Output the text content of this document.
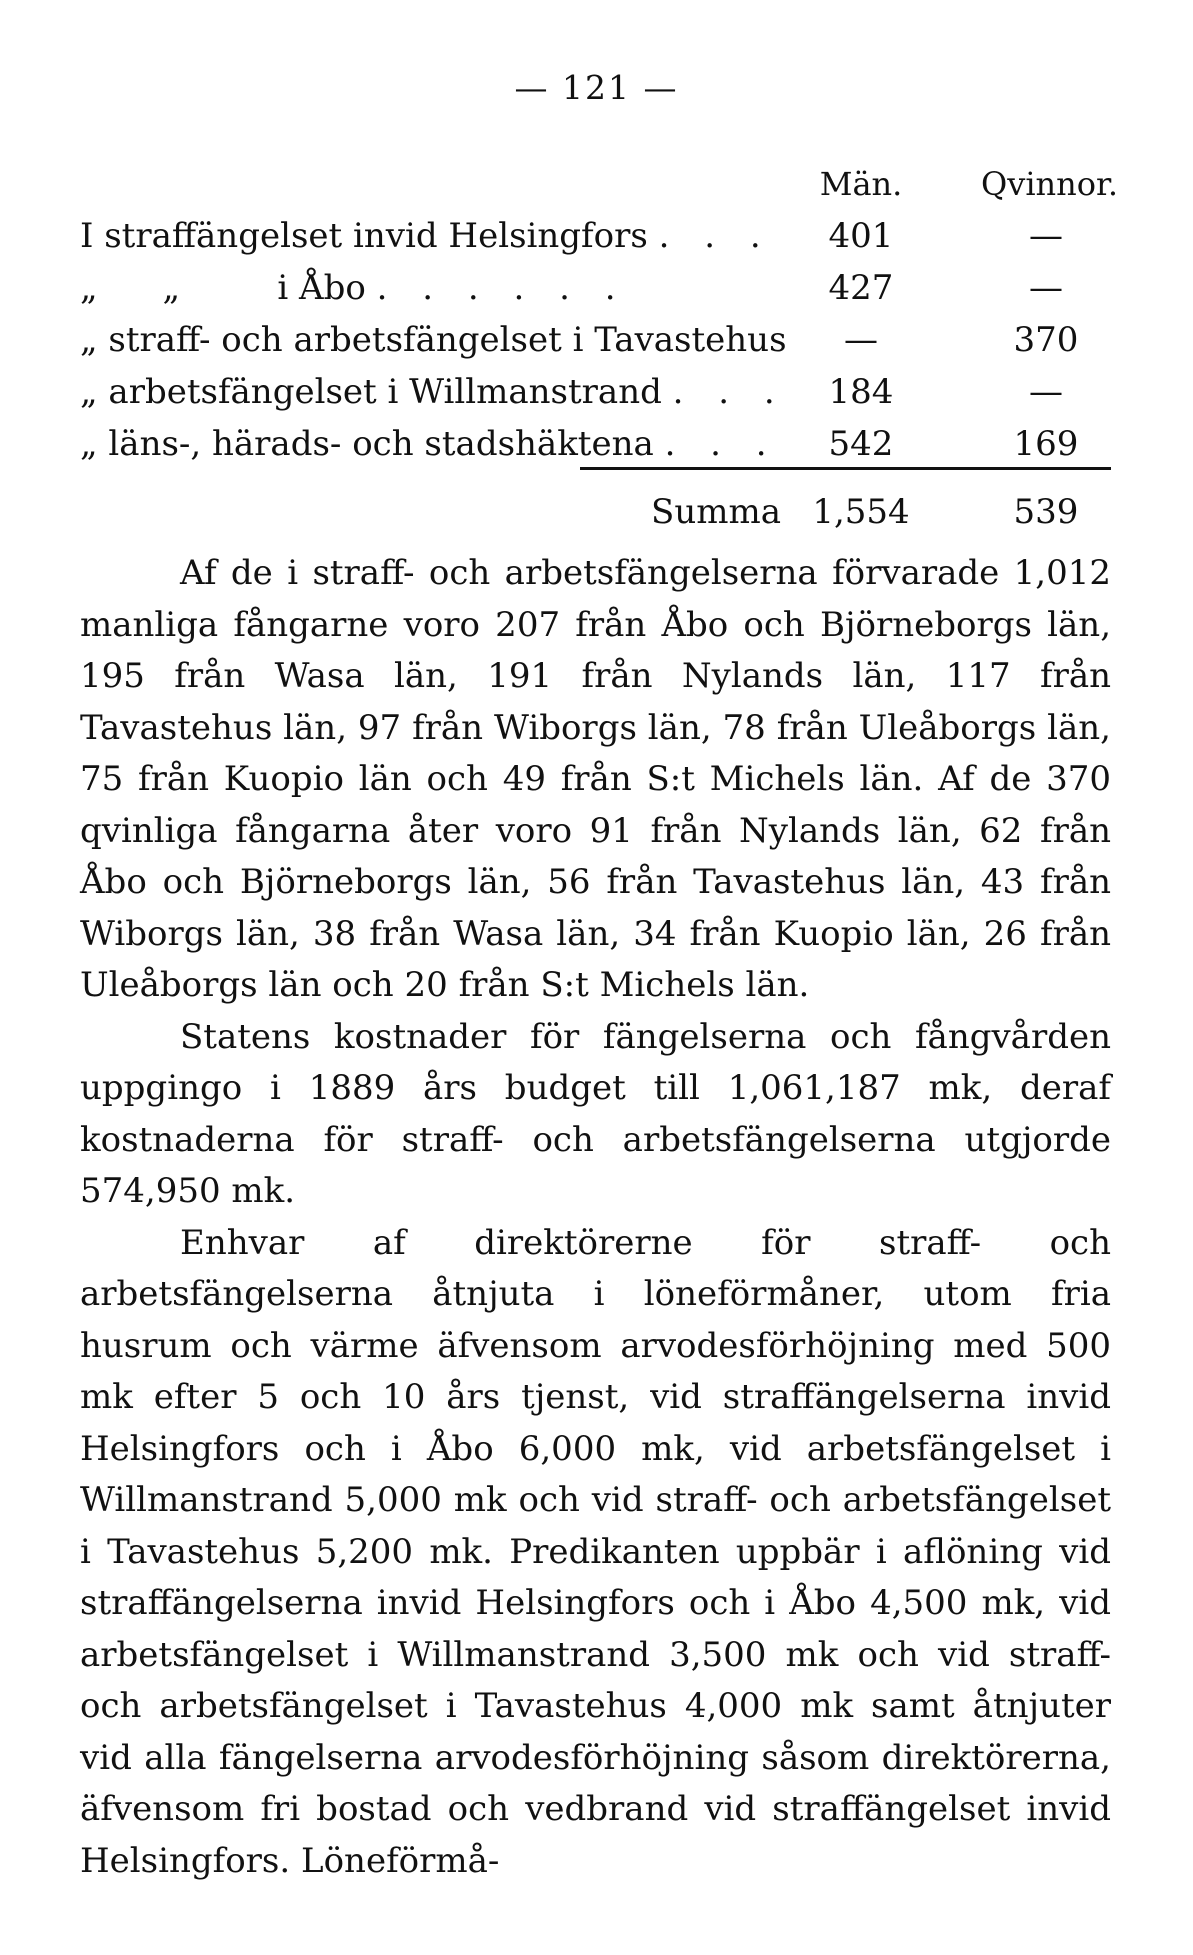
— 121 —
Män.	Qvinnor.
I straffängelset invid Helsingfors . . .	401	—
„      „         i Åbo . . . . . .	427	—
„ straff- och arbetsfängelset i Tavastehus	—	370
„ arbetsfängelset i Willmanstrand . . .	184	—
„ läns-, härads- och stadshäktena . . .	542	169
Summa 1,554	539

Af de i straff- och arbetsfängelserna förvarade 1,012 manliga fångarne voro 207 från Åbo och Björneborgs län, 195 från Wasa län, 191 från Nylands län, 117 från Tavastehus län, 97 från Wiborgs län, 78 från Uleåborgs län, 75 från Kuopio län och 49 från S:t Michels län. Af de 370 qvinliga fångarna åter voro 91 från Nylands län, 62 från Åbo och Björneborgs län, 56 från Tavastehus län, 43 från Wiborgs län, 38 från Wasa län, 34 från Kuopio län, 26 från Uleåborgs län och 20 från S:t Michels län.

Statens kostnader för fängelserna och fångvården uppgingo i 1889 års budget till 1,061,187 mk, deraf kostnaderna för straff- och arbetsfängelserna utgjorde 574,950 mk.

Enhvar af direktörerne för straff- och arbetsfängelserna åtnjuta i löneförmåner, utom fria husrum och värme äfvensom arvodesförhöjning med 500 mk efter 5 och 10 års tjenst, vid straffängelserna invid Helsingfors och i Åbo 6,000 mk, vid arbetsfängelset i Willmanstrand 5,000 mk och vid straff- och arbetsfängelset i Tavastehus 5,200 mk. Predikanten uppbär i aflöning vid straffängelserna invid Helsingfors och i Åbo 4,500 mk, vid arbetsfängelset i Willmanstrand 3,500 mk och vid straff- och arbetsfängelset i Tavastehus 4,000 mk samt åtnjuter vid alla fängelserna arvodesförhöjning såsom direktörerna, äfvensom fri bostad och vedbrand vid straffängelset invid Helsingfors. Löneförmå-
